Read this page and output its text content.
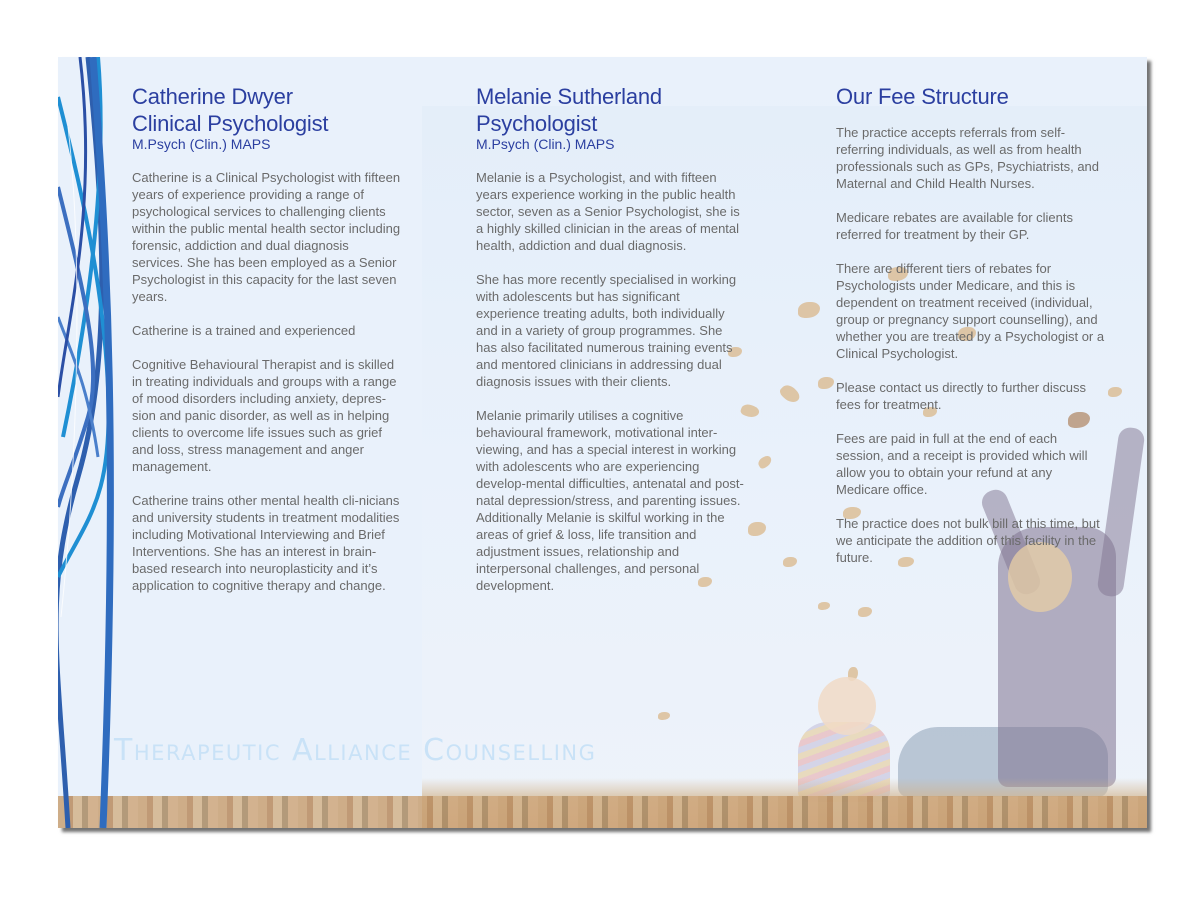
Catherine Dwyer
Clinical Psychologist
M.Psych (Clin.) MAPS

Catherine is a Clinical Psychologist with fifteen years of experience providing a range of psychological services to challenging clients within the public mental health sector including forensic, addiction and dual diagnosis services. She has been employed as a Senior Psychologist in this capacity for the last seven years.

Catherine is a trained and experienced

Cognitive Behavioural Therapist and is skilled in treating individuals and groups with a range of mood disorders including anxiety, depres-sion and panic disorder, as well as in helping clients to overcome life issues such as grief and loss, stress management and anger management.

Catherine trains other mental health cli-nicians and university students in treatment modalities including Motivational Interviewing and Brief Interventions. She has an interest in brain-based research into neuroplasticity and it’s application to cognitive therapy and change.

Melanie Sutherland
Psychologist
M.Psych (Clin.) MAPS

Melanie is a Psychologist, and with fifteen years experience working in the public health sector, seven as a Senior Psychologist, she is a highly skilled clinician in the areas of mental health, addiction and dual diagnosis.

She has more recently specialised in working with adolescents but has significant experience treating adults, both individually and in a variety of group programmes. She has also facilitated numerous training events and mentored clinicians in addressing dual diagnosis issues with their clients.

Melanie primarily utilises a cognitive behavioural framework, motivational inter-viewing, and has a special interest in working with adolescents who are experiencing develop-mental difficulties, antenatal and post-natal depression/stress, and parenting issues. Additionally Melanie is skilful working in the areas of grief & loss, life transition and adjustment issues, relationship and interpersonal challenges, and personal development.

Our Fee Structure

The practice accepts referrals from self-referring individuals, as well as from health professionals such as GPs, Psychiatrists, and Maternal and Child Health Nurses.

Medicare rebates are available for clients referred for treatment by their GP.

There are different tiers of rebates for Psychologists under Medicare, and this is dependent on treatment received (individual, group or pregnancy support counselling), and whether you are treated by a Psychologist or a Clinical Psychologist.

Please contact us directly to further discuss fees for treatment.

Fees are paid in full at the end of each session, and a receipt is provided which will allow you to obtain your refund at any Medicare office.

The practice does not bulk bill at this time, but we anticipate the addition of this facility in the future.

Therapeutic Alliance Counselling
